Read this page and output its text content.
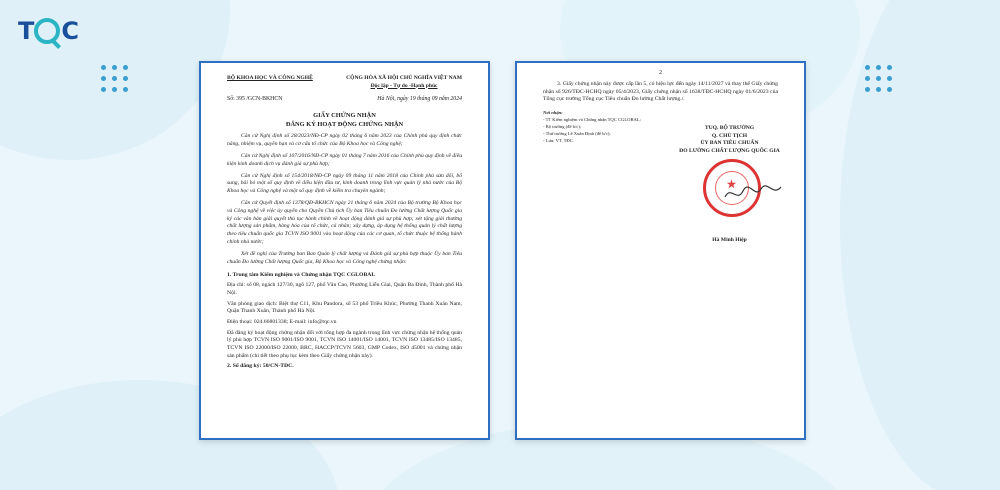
T C
BỘ KHOA HỌC VÀ CÔNG NGHỆ	CỘNG HÒA XÃ HỘI CHỦ NGHĨA VIỆT NAM
Độc lập - Tự do -Hạnh phúc
Số: 395 /GCN-BKHCN	Hà Nội, ngày 19 tháng 09 năm 2024
GIẤY CHỨNG NHẬN
ĐĂNG KÝ HOẠT ĐỘNG CHỨNG NHẬN

Căn cứ Nghị định số 28/2023/NĐ-CP ngày 02 tháng 6 năm 2023 của Chính phủ quy định chức năng, nhiệm vụ, quyền hạn và cơ cấu tổ chức của Bộ Khoa học và Công nghệ;

Căn cứ Nghị định số 107/2016/NĐ-CP ngày 01 tháng 7 năm 2016 của Chính phủ quy định về điều kiện kinh doanh dịch vụ đánh giá sự phù hợp;

Căn cứ Nghị định số 154/2018/NĐ-CP ngày 09 tháng 11 năm 2018 của Chính phủ sửa đổi, bổ sung, bãi bỏ một số quy định về điều kiện đầu tư, kinh doanh trong lĩnh vực quản lý nhà nước của Bộ Khoa học và Công nghệ và một số quy định về kiểm tra chuyên ngành;

Căn cứ Quyết định số 1378/QĐ-BKHCN ngày 21 tháng 6 năm 2024 của Bộ trưởng Bộ Khoa học và Công nghệ về việc ủy quyền cho Quyền Chủ tịch Ủy ban Tiêu chuẩn Đo lường Chất lượng Quốc gia ký các văn bản giải quyết thủ tục hành chính về hoạt động đánh giá sự phù hợp; xét tặng giải thưởng chất lượng sản phẩm, hàng hóa của tổ chức, cá nhân; xây dựng, áp dụng hệ thống quản lý chất lượng theo tiêu chuẩn quốc gia TCVN ISO 9001 vào hoạt động của các cơ quan, tổ chức thuộc hệ thống hành chính nhà nước;

Xét đề nghị của Trưởng ban Ban Quản lý chất lượng và Đánh giá sự phù hợp thuộc Ủy ban Tiêu chuẩn Đo lường Chất lượng Quốc gia, Bộ Khoa học và Công nghệ chứng nhận:

1. Trung tâm Kiểm nghiệm và Chứng nhận TQC CGLOBAL

Địa chỉ: số 08, ngách 127/30, ngõ 127, phố Văn Cao, Phường Liễu Giai, Quận Ba Đình, Thành phố Hà Nội.

Văn phòng giao dịch: Biệt thự C11, Khu Pandora, số 53 phố Triều Khúc, Phường Thanh Xuân Nam, Quận Thanh Xuân, Thành phố Hà Nội.

Điện thoại: 024.66801338; E-mail: info@tqc.vn

Đã đăng ký hoạt động chứng nhận đối với tổng hợp đa ngành trong lĩnh vực chứng nhận hệ thống quản lý phù hợp TCVN ISO 9001/ISO 9001, TCVN ISO 14001/ISO 14001, TCVN ISO 13485/ISO 13485, TCVN ISO 22000/ISO 22000, BRC, HACCP/TCVN 5603, GMP Codex, ISO 45001 và chứng nhận sản phẩm (chi tiết theo phụ lục kèm theo Giấy chứng nhận này).

2. Số đăng ký: 50/CN-TĐC.

2

3. Giấy chứng nhận này được cấp lần 5, có hiệu lực đến ngày 14/11/2027 và thay thế Giấy chứng nhận số 926/TĐC-HCHQ ngày 05/4/2023, Giấy chứng nhận số 1638/TĐC-HCHQ ngày 01/6/2023 của Tổng cục trưởng Tổng cục Tiêu chuẩn Đo lường Chất lượng./.

Nơi nhận:
- TT Kiểm nghiệm và Chứng nhận TQC CGLOBAL;
- Bộ trưởng (để b/c);
- Thứ trưởng Lê Xuân Định (để b/c);
- Lưu: VT, TĐC.
TUQ. BỘ TRƯỞNG
Q. CHỦ TỊCH
ỦY BAN TIÊU CHUẨN
ĐO LƯỜNG CHẤT LƯỢNG QUỐC GIA
Hà Minh Hiệp
